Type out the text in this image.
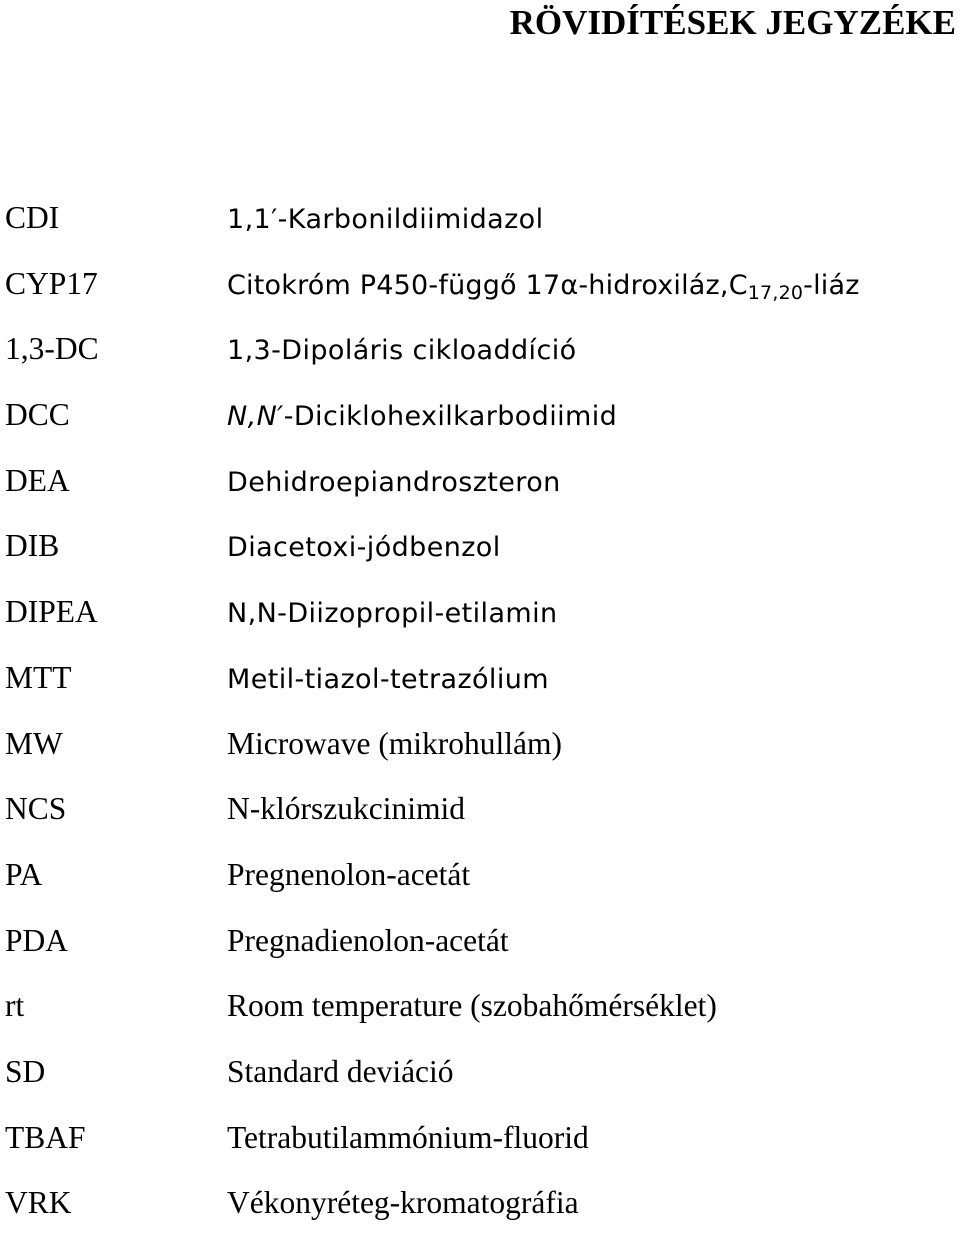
RÖVIDÍTÉSEK JEGYZÉKE
CDI	1,1′-Karbonildiimidazol
CYP17	Citokróm P450-függő $17\alpha-hidroxiláz,C_{17,20}$-liáz
1,3-DC	1,3-Dipoláris cikloaddíció
DCC	N,N′-Diciklohexilkarbodiimid
DEA	Dehidroepiandroszteron
DIB	Diacetoxi-jódbenzol
DIPEA	N,N-Diizopropil-etilamin
MTT	Metil-tiazol-tetrazólium
MW	Microwave (mikrohullám)
NCS	N-klórszukcinimid
PA	Pregnenolon-acetát
PDA	Pregnadienolon-acetát
rt	Room temperature (szobahőmérséklet)
SD	Standard deviáció
TBAF	Tetrabutilammónium-fluorid
VRK	Vékonyréteg-kromatográfia
